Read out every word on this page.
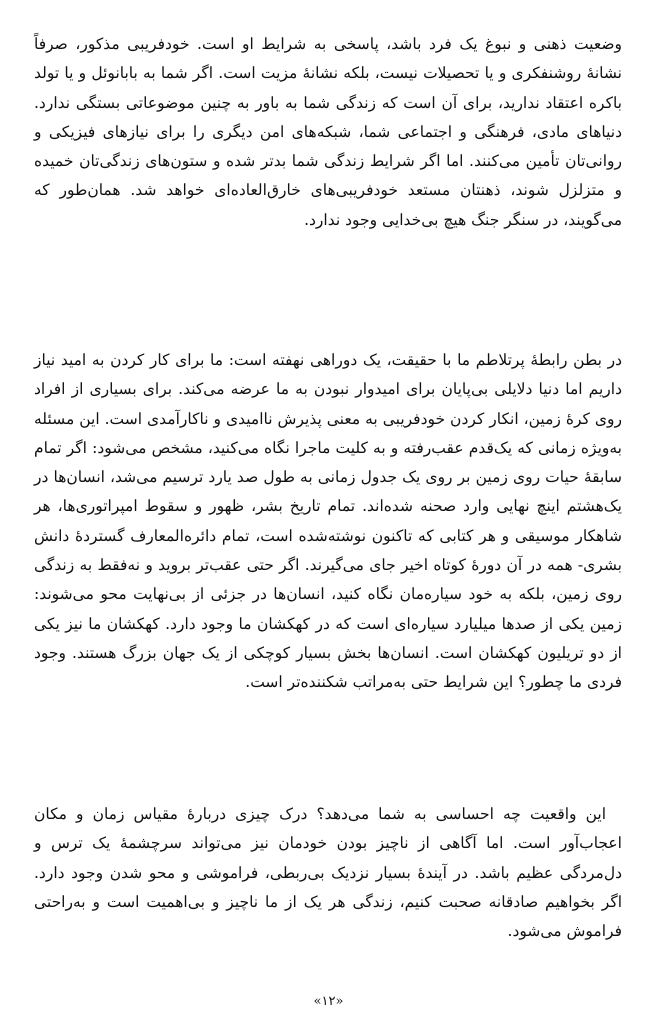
وضعیت ذهنی و نبوغ یک فرد باشد، پاسخی به شرایط او است. خودفریبی مذکور، صرفاً نشانهٔ روشنفکری و یا تحصیلات نیست، بلکه نشانهٔ مزیت است. اگر شما به بابانوئل و یا تولد باکره اعتقاد ندارید، برای آن است که زندگی شما به باور به چنین موضوعاتی بستگی ندارد. دنیاهای مادی، فرهنگی و اجتماعی شما، شبکه‌های امن دیگری را برای نیازهای فیزیکی و روانی‌تان تأمین می‌کنند. اما اگر شرایط زندگی شما بدتر شده و ستون‌های زندگی‌تان خمیده و متزلزل شوند، ذهنتان مستعد خودفریبی‌های خارق‌العاده‌ای خواهد شد. همان‌طور که می‌گویند، در سنگر جنگ هیچ بی‌خدایی وجود ندارد.

در بطن رابطهٔ پرتلاطم ما با حقیقت، یک دوراهی نهفته است: ما برای کار کردن به امید نیاز داریم اما دنیا دلایلی بی‌پایان برای امیدوار نبودن به ما عرضه می‌کند. برای بسیاری از افراد روی کرهٔ زمین، انکار کردن خودفریبی به معنی پذیرش ناامیدی و ناکارآمدی است. این مسئله به‌ویژه زمانی که یک‌قدم عقب‌رفته و به کلیت ماجرا نگاه می‌کنید، مشخص می‌شود: اگر تمام سابقهٔ حیات روی زمین بر روی یک جدول زمانی به طول صد یارد ترسیم می‌شد، انسان‌ها در یک‌هشتم اینچ نهایی وارد صحنه شده‌اند. تمام تاریخ بشر، ظهور و سقوط امپراتوری‌ها، هر شاهکار موسیقی و هر کتابی که تاکنون نوشته‌شده است، تمام دائره‌المعارف گستردهٔ دانش بشری- همه در آن دورهٔ کوتاه اخیر جای می‌گیرند. اگر حتی عقب‌تر بروید و نه‌فقط به زندگی روی زمین، بلکه به خود سیاره‌مان نگاه کنید، انسان‌ها در جزئی از بی‌نهایت محو می‌شوند: زمین یکی از صدها میلیارد سیاره‌ای است که در کهکشان ما وجود دارد. کهکشان ما نیز یکی از دو تریلیون کهکشان است. انسان‌ها بخش بسیار کوچکی از یک جهان بزرگ هستند. وجود فردی ما چطور؟ این شرایط حتی به‌مراتب شکننده‌تر است.

این واقعیت چه احساسی به شما می‌دهد؟ درک چیزی دربارهٔ مقیاس زمان و مکان اعجاب‌آور است. اما آگاهی از ناچیز بودن خودمان نیز می‌تواند سرچشمهٔ یک ترس و دل‌مردگی عظیم باشد. در آیندهٔ بسیار نزدیک بی‌ربطی، فراموشی و محو شدن وجود دارد. اگر بخواهیم صادقانه صحبت کنیم، زندگی هر یک از ما ناچیز و بی‌اهمیت است و به‌راحتی فراموش می‌شود.

«۱۲»
